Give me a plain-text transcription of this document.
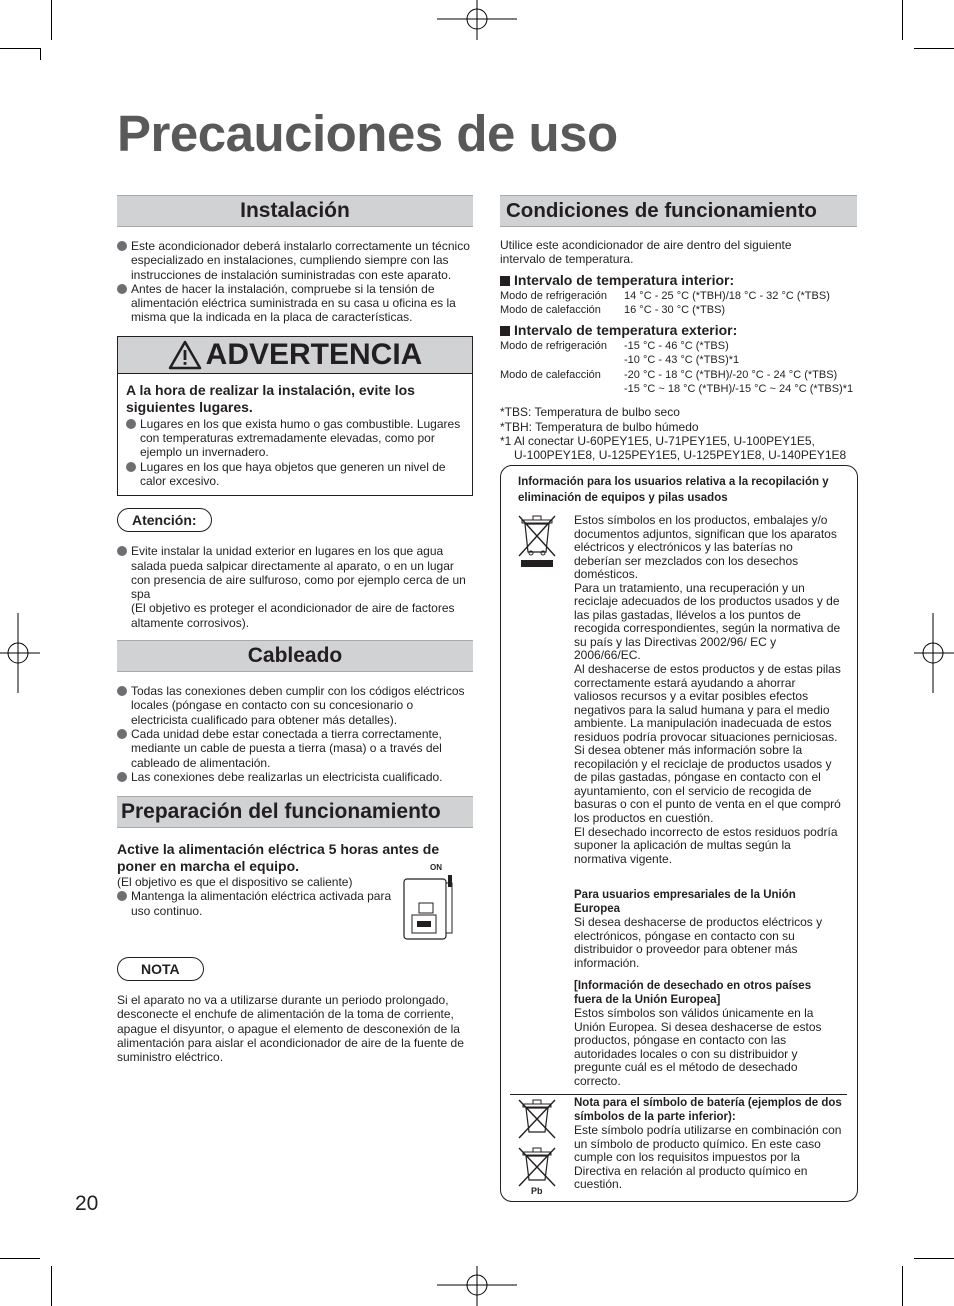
Precauciones de uso
Instalación
Este acondicionador deberá instalarlo correctamente un técnico especializado en instalaciones, cumpliendo siempre con las instrucciones de instalación suministradas con este aparato.
Antes de hacer la instalación, compruebe si la tensión de alimentación eléctrica suministrada en su casa u oficina es la misma que la indicada en la placa de características.
ADVERTENCIA
A la hora de realizar la instalación, evite los siguientes lugares.
Lugares en los que exista humo o gas combustible. Lugares con temperaturas extremadamente elevadas, como por ejemplo un invernadero.
Lugares en los que haya objetos que generen un nivel de calor excesivo.
Atención:
Evite instalar la unidad exterior en lugares en los que agua salada pueda salpicar directamente al aparato, o en un lugar con presencia de aire sulfuroso, como por ejemplo cerca de un spa
(El objetivo es proteger el acondicionador de aire de factores altamente corrosivos).
Cableado
Todas las conexiones deben cumplir con los códigos eléctricos locales (póngase en contacto con su concesionario o electricista cualificado para obtener más detalles).
Cada unidad debe estar conectada a tierra correctamente, mediante un cable de puesta a tierra (masa) o a través del cableado de alimentación.
Las conexiones debe realizarlas un electricista cualificado.
Preparación del funcionamiento
Active la alimentación eléctrica 5 horas antes de poner en marcha el equipo.
(El objetivo es que el dispositivo se caliente)
Mantenga la alimentación eléctrica activada para uso continuo.
ON
NOTA
Si el aparato no va a utilizarse durante un periodo prolongado, desconecte el enchufe de alimentación de la toma de corriente, apague el disyuntor, o apague el elemento de desconexión de la alimentación para aislar el acondicionador de aire de la fuente de suministro eléctrico.
Condiciones de funcionamiento
Utilice este acondicionador de aire dentro del siguiente intervalo de temperatura.
Intervalo de temperatura interior:
Modo de refrigeración	14 °C - 25 °C (*TBH)/18 °C - 32 °C (*TBS)
Modo de calefacción	16 °C - 30 °C (*TBS)
Intervalo de temperatura exterior:
Modo de refrigeración	-15 °C - 46 °C (*TBS)
-10 °C - 43 °C (*TBS)*1
Modo de calefacción	-20 °C - 18 °C (*TBH)/-20 °C - 24 °C (*TBS)
-15 °C ~ 18 °C (*TBH)/-15 °C ~ 24 °C (*TBS)*1
*TBS: Temperatura de bulbo seco
*TBH: Temperatura de bulbo húmedo
*1 Al conectar U-60PEY1E5, U-71PEY1E5, U-100PEY1E5,
U-100PEY1E8, U-125PEY1E5, U-125PEY1E8, U-140PEY1E8
Información para los usuarios relativa a la recopilación y eliminación de equipos y pilas usados
Estos símbolos en los productos, embalajes y/o documentos adjuntos, significan que los aparatos eléctricos y electrónicos y las baterías no deberían ser mezclados con los desechos domésticos.
Para un tratamiento, una recuperación y un reciclaje adecuados de los productos usados y de las pilas gastadas, llévelos a los puntos de recogida correspondientes, según la normativa de su país y las Directivas 2002/96/ EC y 2006/66/EC.
Al deshacerse de estos productos y de estas pilas correctamente estará ayudando a ahorrar valiosos recursos y a evitar posibles efectos negativos para la salud humana y para el medio ambiente. La manipulación inadecuada de estos residuos podría provocar situaciones perniciosas.
Si desea obtener más información sobre la recopilación y el reciclaje de productos usados y de pilas gastadas, póngase en contacto con el ayuntamiento, con el servicio de recogida de basuras o con el punto de venta en el que compró los productos en cuestión.
El desechado incorrecto de estos residuos podría suponer la aplicación de multas según la normativa vigente.
Para usuarios empresariales de la Unión Europea
Si desea deshacerse de productos eléctricos y electrónicos, póngase en contacto con su distribuidor o proveedor para obtener más información.
[Información de desechado en otros países fuera de la Unión Europea]
Estos símbolos son válidos únicamente en la Unión Europea. Si desea deshacerse de estos productos, póngase en contacto con las autoridades locales o con su distribuidor y pregunte cuál es el método de desechado correcto.
Pb
Nota para el símbolo de batería (ejemplos de dos símbolos de la parte inferior):
Este símbolo podría utilizarse en combinación con un símbolo de producto químico. En este caso cumple con los requisitos impuestos por la Directiva en relación al producto químico en cuestión.
20
